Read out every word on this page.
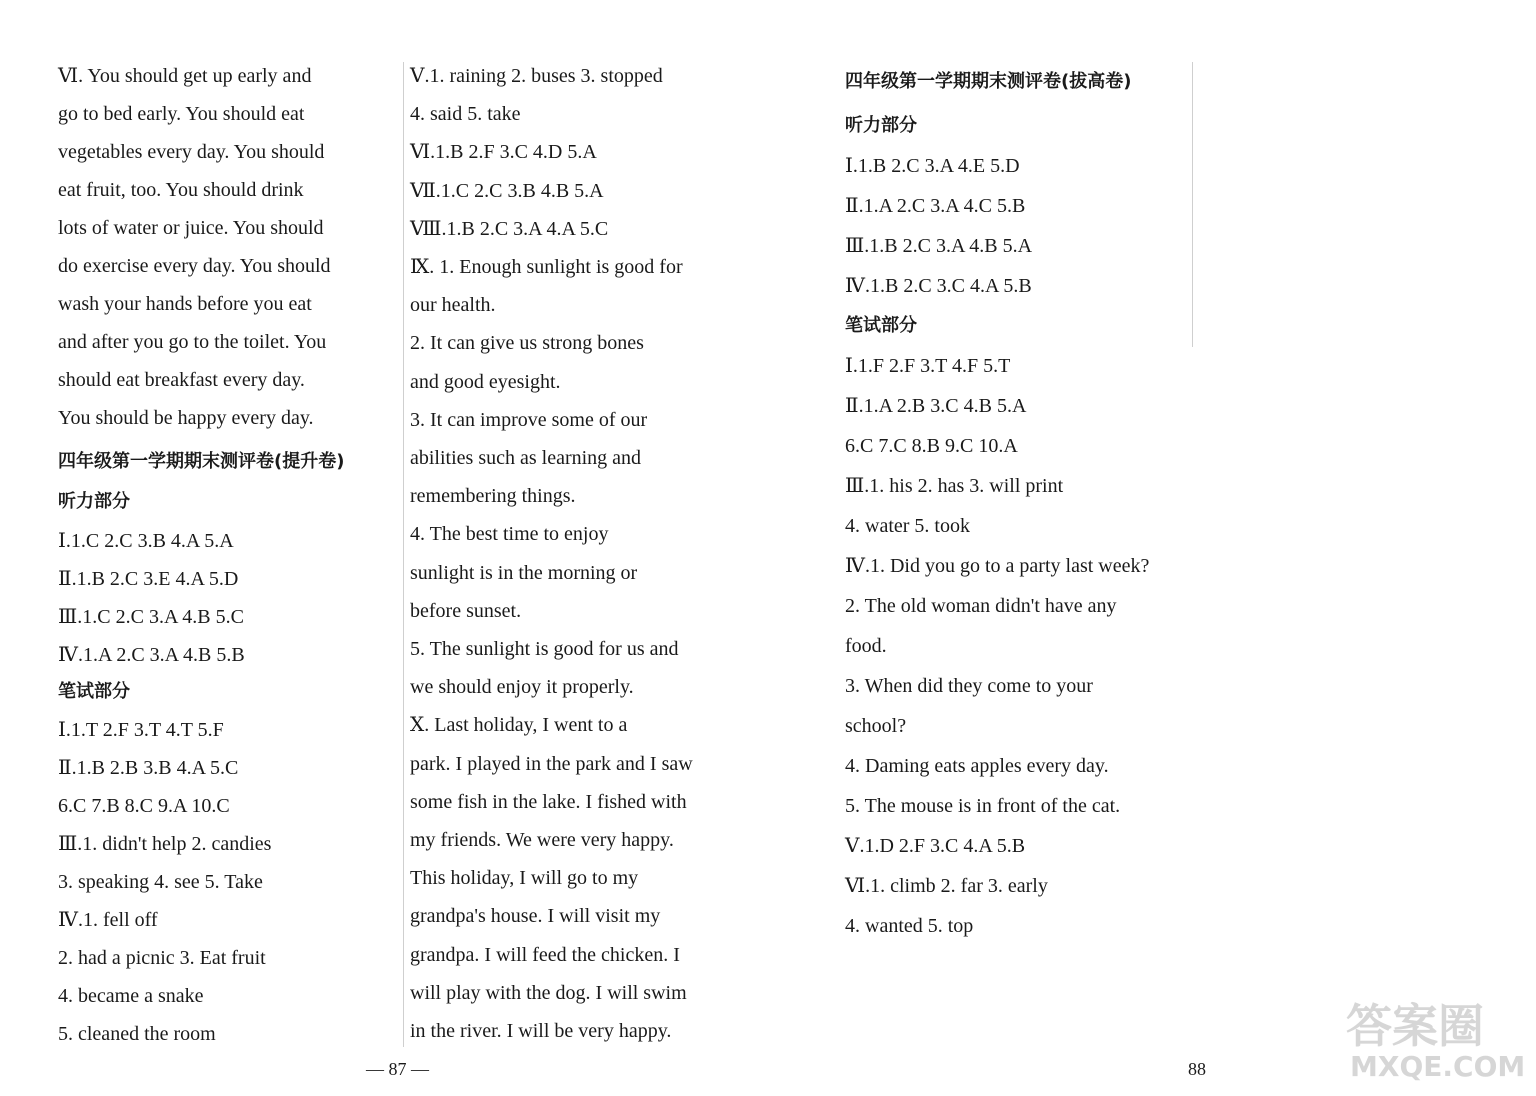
Ⅵ. You should get up early and
go to bed early. You should eat
vegetables every day. You should
eat fruit, too. You should drink
lots of water or juice. You should
do exercise every day. You should
wash your hands before you eat
and after you go to the toilet. You
should eat breakfast every day.
You should be happy every day.
四年级第一学期期末测评卷(提升卷)
听力部分
Ⅰ.1.C 2.C 3.B 4.A 5.A
Ⅱ.1.B 2.C 3.E 4.A 5.D
Ⅲ.1.C 2.C 3.A 4.B 5.C
Ⅳ.1.A 2.C 3.A 4.B 5.B
笔试部分
Ⅰ.1.T 2.F 3.T 4.T 5.F
Ⅱ.1.B 2.B 3.B 4.A 5.C
6.C 7.B 8.C 9.A 10.C
Ⅲ.1. didn't help 2. candies
3. speaking 4. see 5. Take
Ⅳ.1. fell off
2. had a picnic 3. Eat fruit
4. became a snake
5. cleaned the room
Ⅴ.1. raining 2. buses 3. stopped
4. said 5. take
Ⅵ.1.B 2.F 3.C 4.D 5.A
Ⅶ.1.C 2.C 3.B 4.B 5.A
Ⅷ.1.B 2.C 3.A 4.A 5.C
Ⅸ. 1. Enough sunlight is good for
our health.
2. It can give us strong bones
and good eyesight.
3. It can improve some of our
abilities such as learning and
remembering things.
4. The best time to enjoy
sunlight is in the morning or
before sunset.
5. The sunlight is good for us and
we should enjoy it properly.
Ⅹ. Last holiday, I went to a
park. I played in the park and I saw
some fish in the lake. I fished with
my friends. We were very happy.
This holiday, I will go to my
grandpa's house. I will visit my
grandpa. I will feed the chicken. I
will play with the dog. I will swim
in the river. I will be very happy.
四年级第一学期期末测评卷(拔高卷)
听力部分
Ⅰ.1.B 2.C 3.A 4.E 5.D
Ⅱ.1.A 2.C 3.A 4.C 5.B
Ⅲ.1.B 2.C 3.A 4.B 5.A
Ⅳ.1.B 2.C 3.C 4.A 5.B
笔试部分
Ⅰ.1.F 2.F 3.T 4.F 5.T
Ⅱ.1.A 2.B 3.C 4.B 5.A
6.C 7.C 8.B 9.C 10.A
Ⅲ.1. his 2. has 3. will print
4. water 5. took
Ⅳ.1. Did you go to a party last week?
2. The old woman didn't have any
food.
3. When did they come to your
school?
4. Daming eats apples every day.
5. The mouse is in front of the cat.
Ⅴ.1.D 2.F 3.C 4.A 5.B
Ⅵ.1. climb 2. far 3. early
4. wanted 5. top
— 87 —	88
答案圈
MXQE.COM
